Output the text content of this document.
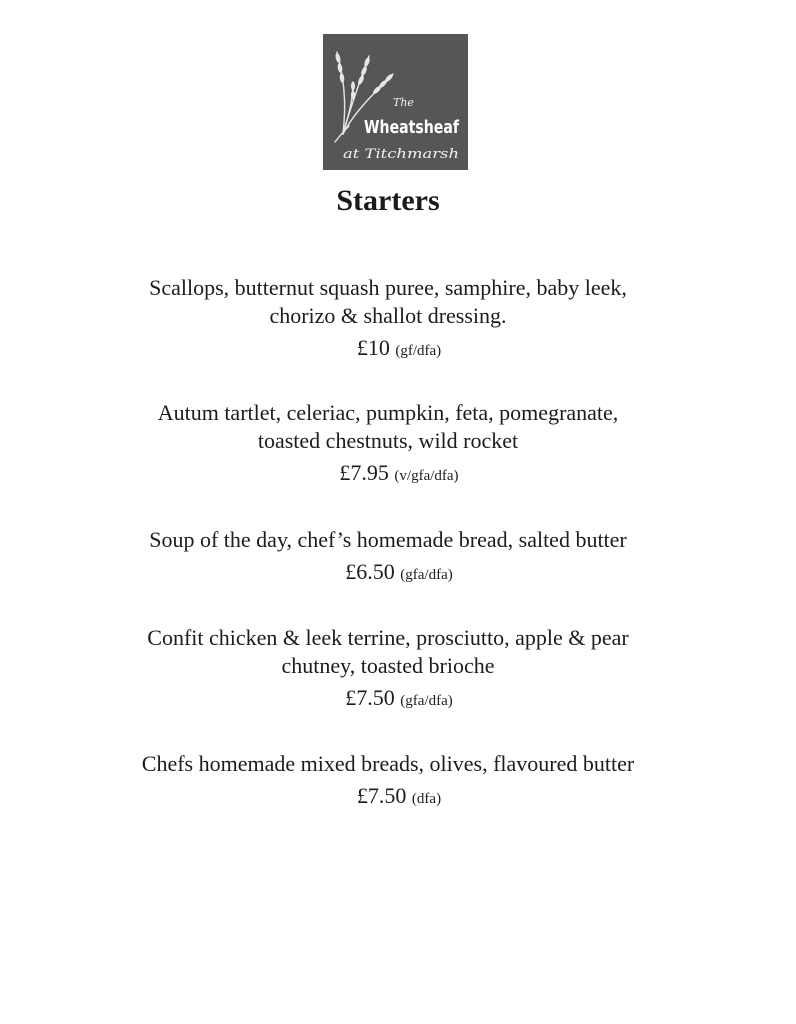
The
Wheatsheaf
at Titchmarsh
Starters
Scallops, butternut squash puree, samphire, baby leek,
chorizo & shallot dressing.
£10 (gf/dfa)
Autum tartlet, celeriac, pumpkin, feta, pomegranate,
toasted chestnuts, wild rocket
£7.95 (v/gfa/dfa)
Soup of the day, chef’s homemade bread, salted butter
£6.50 (gfa/dfa)
Confit chicken & leek terrine, prosciutto, apple & pear
chutney, toasted brioche
£7.50 (gfa/dfa)
Chefs homemade mixed breads, olives, flavoured butter
£7.50 (dfa)
